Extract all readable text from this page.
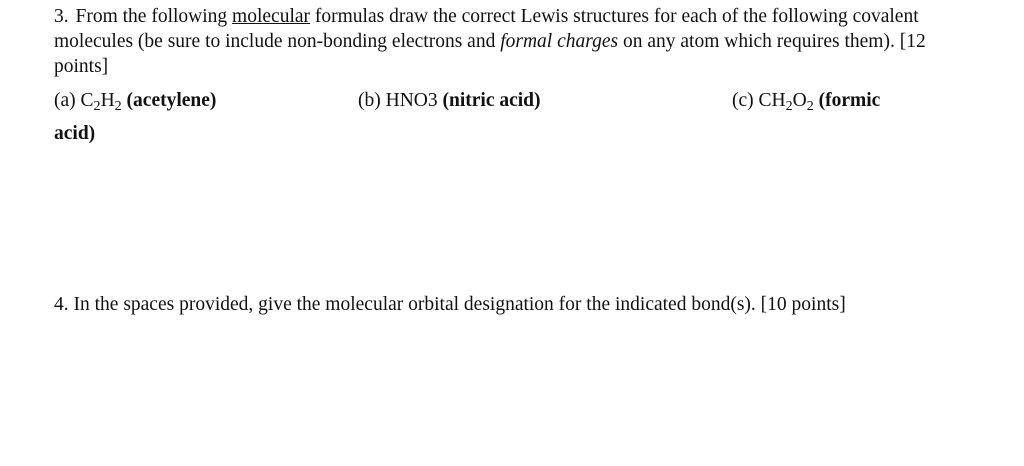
3. From the following molecular formulas draw the correct Lewis structures for each of the following covalent molecules (be sure to include non-bonding electrons and formal charges on any atom which requires them). [12 points]
(a) $C_2H_2$ (acetylene)	(b) HNO3 (nitric acid)	(c) $CH_2O_2$ (formic
acid)
4. In the spaces provided, give the molecular orbital designation for the indicated bond(s). [10 points]
